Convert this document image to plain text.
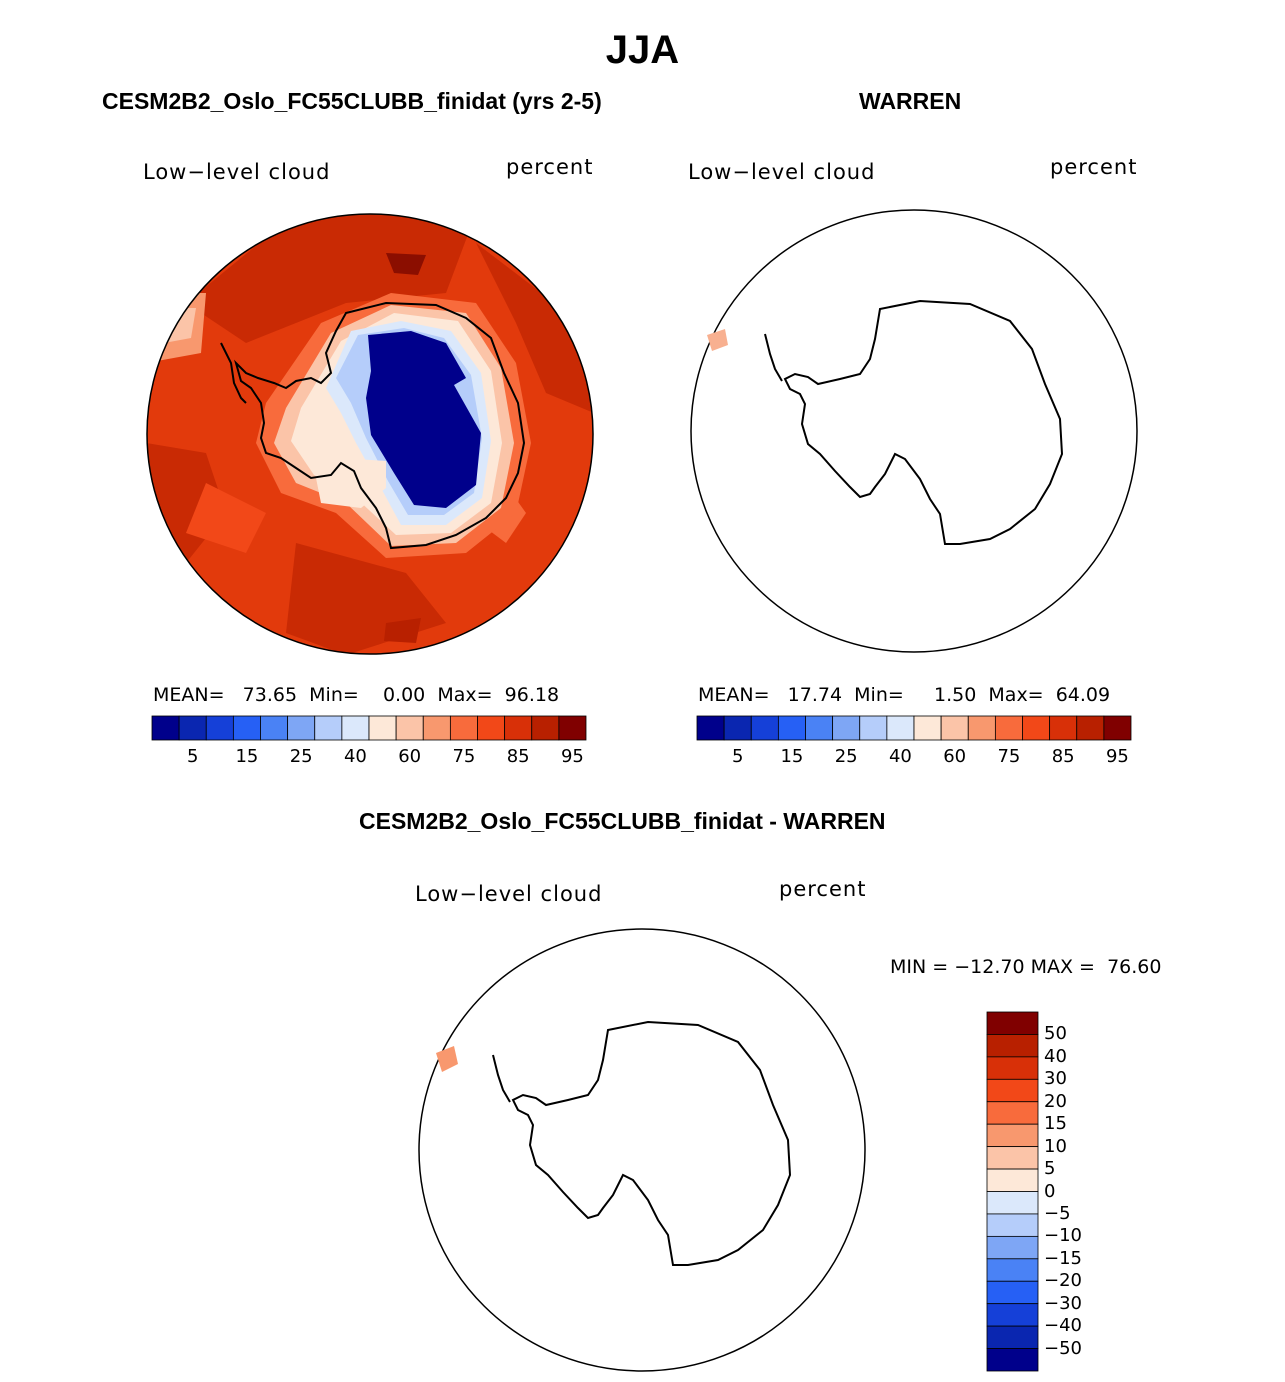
JJA
CESM2B2_Oslo_FC55CLUBB_finidat (yrs 2-5)
Low−level cloud	percent
MEAN= 73.65 Min= 0.00 Max= 96.18
5	15	25	40	60	75	85	95
WARREN
Low−level cloud	percent
MEAN= 17.74 Min= 1.50 Max= 64.09
5	15	25	40	60	75	85	95
CESM2B2_Oslo_FC55CLUBB_finidat - WARREN
Low−level cloud	percent
MIN = −12.70 MAX = 76.60
50
40
30
20
15
10
5
0
−5
−10
−15
−20
−30
−40
−50
